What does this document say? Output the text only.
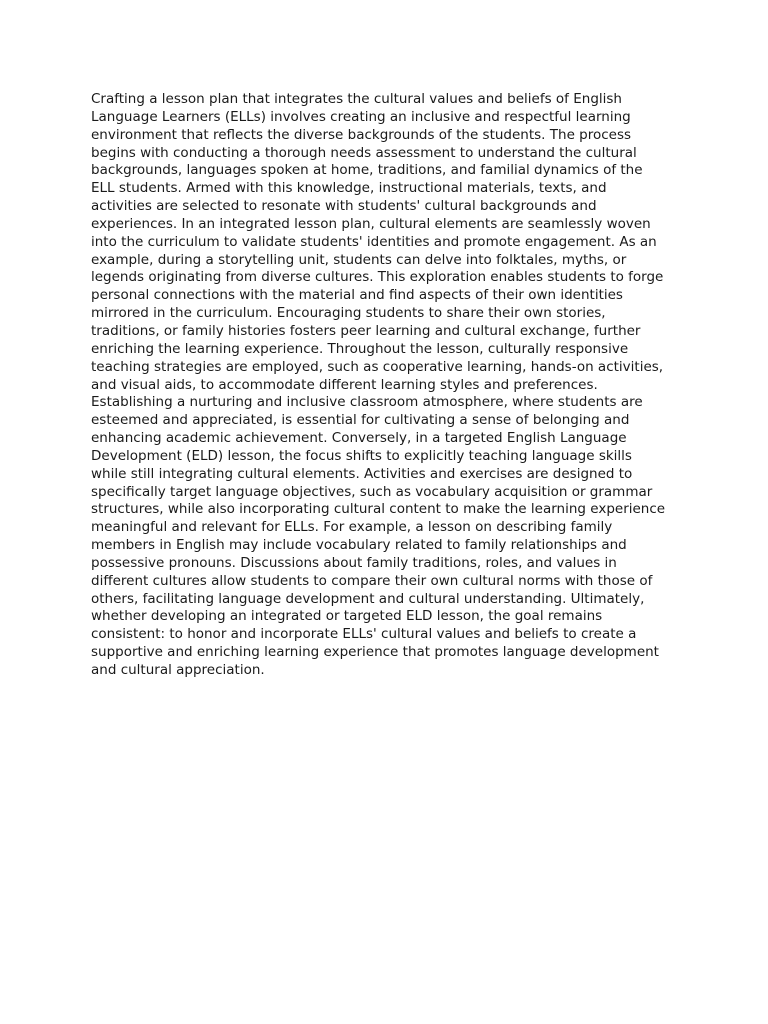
Crafting a lesson plan that integrates the cultural values and beliefs of English
Language Learners (ELLs) involves creating an inclusive and respectful learning
environment that reflects the diverse backgrounds of the students. The process
begins with conducting a thorough needs assessment to understand the cultural
backgrounds, languages spoken at home, traditions, and familial dynamics of the
ELL students. Armed with this knowledge, instructional materials, texts, and
activities are selected to resonate with students' cultural backgrounds and
experiences. In an integrated lesson plan, cultural elements are seamlessly woven
into the curriculum to validate students' identities and promote engagement. As an
example, during a storytelling unit, students can delve into folktales, myths, or
legends originating from diverse cultures. This exploration enables students to forge
personal connections with the material and find aspects of their own identities
mirrored in the curriculum. Encouraging students to share their own stories,
traditions, or family histories fosters peer learning and cultural exchange, further
enriching the learning experience. Throughout the lesson, culturally responsive
teaching strategies are employed, such as cooperative learning, hands-on activities,
and visual aids, to accommodate different learning styles and preferences.
Establishing a nurturing and inclusive classroom atmosphere, where students are
esteemed and appreciated, is essential for cultivating a sense of belonging and
enhancing academic achievement. Conversely, in a targeted English Language
Development (ELD) lesson, the focus shifts to explicitly teaching language skills
while still integrating cultural elements. Activities and exercises are designed to
specifically target language objectives, such as vocabulary acquisition or grammar
structures, while also incorporating cultural content to make the learning experience
meaningful and relevant for ELLs. For example, a lesson on describing family
members in English may include vocabulary related to family relationships and
possessive pronouns. Discussions about family traditions, roles, and values in
different cultures allow students to compare their own cultural norms with those of
others, facilitating language development and cultural understanding. Ultimately,
whether developing an integrated or targeted ELD lesson, the goal remains
consistent: to honor and incorporate ELLs' cultural values and beliefs to create a
supportive and enriching learning experience that promotes language development
and cultural appreciation.
